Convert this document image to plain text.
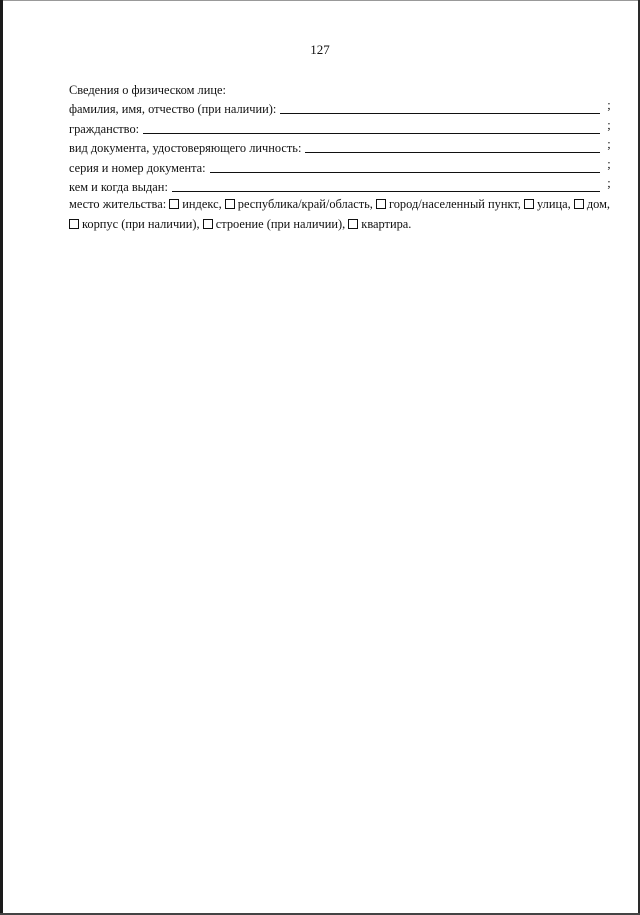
127
Сведения о физическом лице:
фамилия, имя, отчество (при наличии):	;
гражданство:	;
вид документа, удостоверяющего личность:	;
серия и номер документа:	;
кем и когда выдан:	;
место жительства: индекс, республика/край/область, город/населенный пункт, улица, дом, корпус (при наличии), строение (при наличии), квартира.
